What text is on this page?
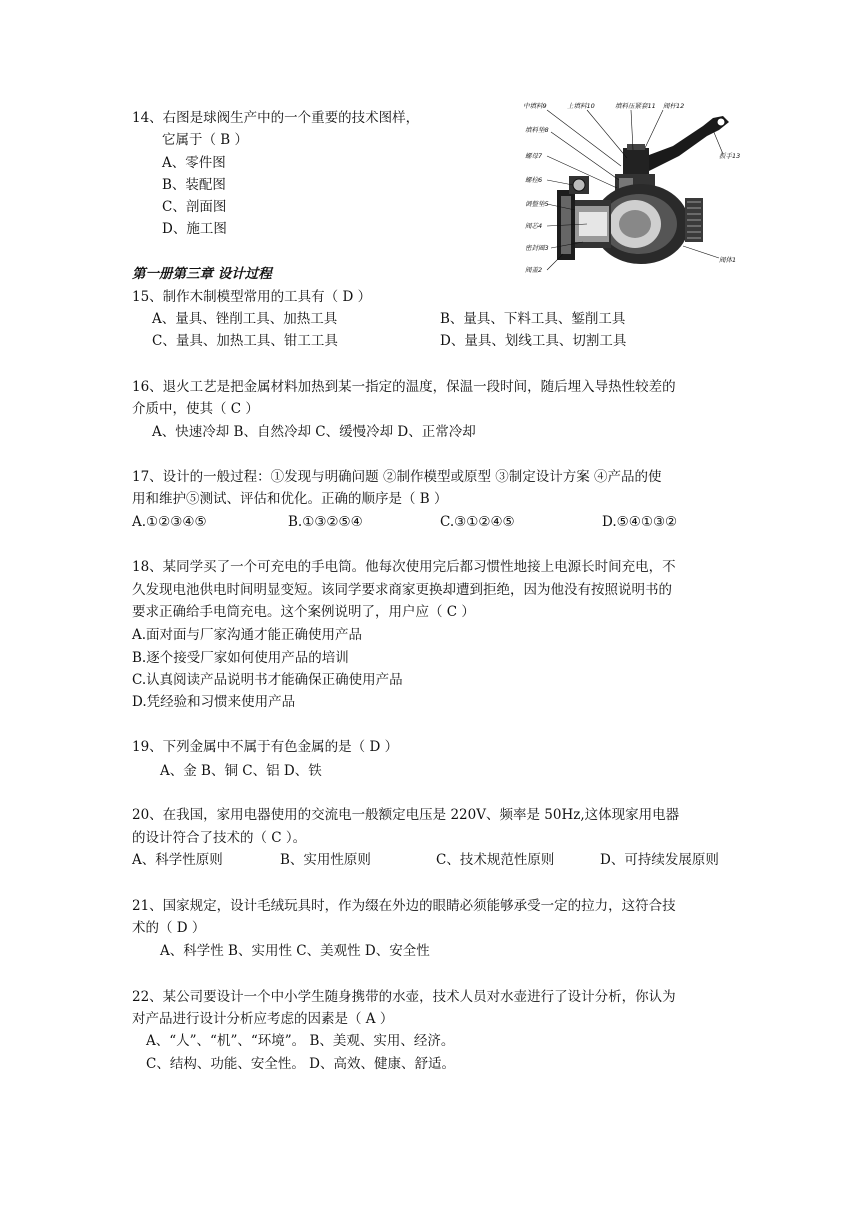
14、右图是球阀生产中的一个重要的技术图样，
它属于（ B ）
A、零件图
B、装配图
C、剖面图
D、施工图
中填料9	上填料10	填料压紧套11 阀杆12
填料垫8
扳手13
螺母7
螺栓6
调整垫5
阀芯4
密封圈3
阀盖2
阀体1
第一册第三章 设计过程
15、制作木制模型常用的工具有（ D ）
A、量具、锉削工具、加热工具	B、量具、下料工具、錾削工具
C、量具、加热工具、钳工工具	D、量具、划线工具、切割工具
16、退火工艺是把金属材料加热到某一指定的温度，保温一段时间，随后埋入导热性较差的
介质中，使其（ C ）
A、快速冷却 B、自然冷却 C、缓慢冷却 D、正常冷却
17、设计的一般过程：①发现与明确问题 ②制作模型或原型 ③制定设计方案 ④产品的使
用和维护⑤测试、评估和优化。正确的顺序是（ B ）
A.①②③④⑤	B.①③②⑤④	C.③①②④⑤	D.⑤④①③②
18、某同学买了一个可充电的手电筒。他每次使用完后都习惯性地接上电源长时间充电，不
久发现电池供电时间明显变短。该同学要求商家更换却遭到拒绝，因为他没有按照说明书的
要求正确给手电筒充电。这个案例说明了，用户应（ C ）
A.面对面与厂家沟通才能正确使用产品
B.逐个接受厂家如何使用产品的培训
C.认真阅读产品说明书才能确保正确使用产品
D.凭经验和习惯来使用产品
19、下列金属中不属于有色金属的是（ D ）
A、金 B、铜 C、铝 D、铁
20、在我国，家用电器使用的交流电一般额定电压是 220V、频率是 50Hz,这体现家用电器
的设计符合了技术的（ C ）。
A、科学性原则	B、实用性原则	C、技术规范性原则	D、可持续发展原则
21、国家规定，设计毛绒玩具时，作为缀在外边的眼睛必须能够承受一定的拉力，这符合技
术的（ D ）
A、科学性 B、实用性 C、美观性 D、安全性
22、某公司要设计一个中小学生随身携带的水壶，技术人员对水壶进行了设计分析，你认为
对产品进行设计分析应考虑的因素是（ A ）
A、“人”、“机”、“环境”。 B、美观、实用、经济。
C、结构、功能、安全性。 D、高效、健康、舒适。
